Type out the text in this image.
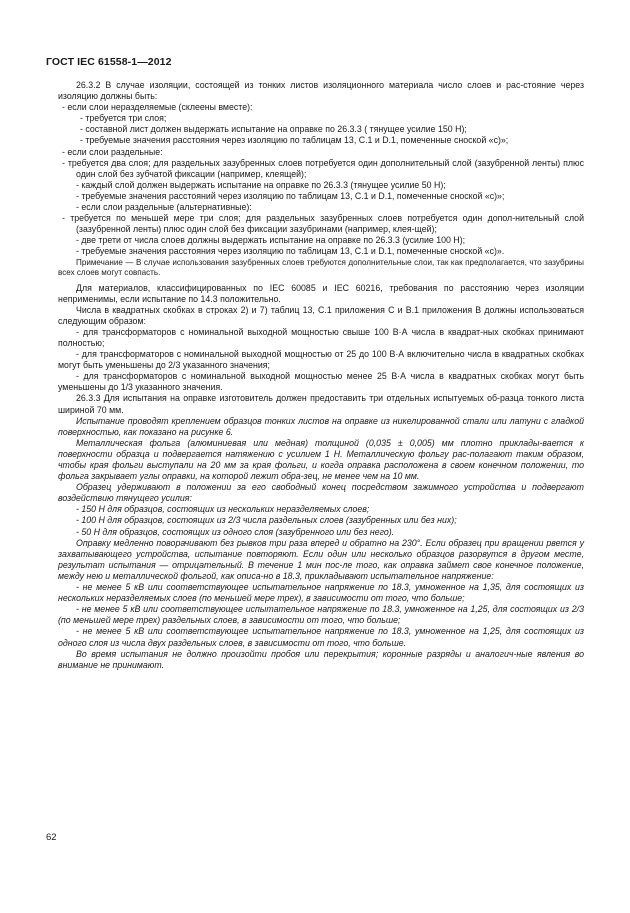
ГОСТ IEC 61558-1—2012

26.3.2 В случае изоляции, состоящей из тонких листов изоляционного материала число слоев и рас-стояние через изоляцию должны быть:

- если слои неразделяемые (склеены вместе):

- требуется три слоя;

- составной лист должен выдержать испытание на оправке по 26.3.3 ( тянущее усилие 150 Н);

- требуемые значения расстояния через изоляцию по таблицам 13, С.1 и D.1, помеченные сноской «c)»;

- если слои раздельные:

- требуется два слоя; для раздельных зазубренных слоев потребуется один дополнительный слой (зазубренной ленты) плюс один слой без зубчатой фиксации (например, клеящей);

- каждый слой должен выдержать испытание на оправке по 26.3.3 (тянущее усилие 50 Н);

- требуемые значения расстояний через изоляцию по таблицам 13, С.1 и D.1, помеченные сноской «c)»;

- если слои раздельные (альтернативные):

- требуется по меньшей мере три слоя; для раздельных зазубренных слоев потребуется один допол-нительный слой (зазубренной ленты) плюс один слой без фиксации зазубринами (например, клея-щей);

- две трети от числа слоев должны выдержать испытание на оправке по 26.3.3 (усилие 100 Н);

- требуемые значения расстояния через изоляцию по таблицам 13, С.1 и D.1, помеченные сноской «c)».

Примечание — В случае использования зазубренных слоев требуются дополнительные слои, так как предполагается, что зазубрины всех слоев могут совпасть.

Для материалов, классифицированных по IEC 60085 и IEC 60216, требования по расстоянию через изоляции неприменимы, если испытание по 14.3 положительно.

Числа в квадратных скобках в строках 2) и 7) таблиц 13, С.1 приложения С и В.1 приложения В должны использоваться следующим образом:

- для трансформаторов с номинальной выходной мощностью свыше 100 В·А числа в квадрат-ных скобках принимают полностью;

- для трансформаторов с номинальной выходной мощностью от 25 до 100 В·А включительно числа в квадратных скобках могут быть уменьшены до 2/3 указанного значения;

- для трансформаторов с номинальной выходной мощностью менее 25 В·А числа в квадратных скобках могут быть уменьшены до 1/3 указанного значения.

26.3.3 Для испытания на оправке изготовитель должен предоставить три отдельных испытуемых об-разца тонкого листа шириной 70 мм.

Испытание проводят креплением образцов тонких листов на оправке из никелированной стали или латуни с гладкой поверхностью, как показано на рисунке 6.

Металлическая фольга (алюминиевая или медная) толщиной (0,035 ± 0,005) мм плотно приклады-вается к поверхности образца и подвергается натяжению с усилием 1 Н. Металлическую фольгу рас-полагают таким образом, чтобы края фольги выступали на 20 мм за края фольги, и когда оправка расположена в своем конечном положении, то фольга закрывает углы оправки, на которой лежит обра-зец, не менее чем на 10 мм.

Образец удерживают в положении за его свободный конец посредством зажимного устройства и подвергают воздействию тянущего усилия:

- 150 Н для образцов, состоящих из нескольких неразделяемых слоев;

- 100 Н для образцов, состоящих из 2/3 числа раздельных слоев (зазубренных или без них);

- 50 Н для образцов, состоящих из одного слоя (зазубренного или без него).

Оправку медленно поворачивают без рывков три раза вперед и обратно на 230°. Если образец при вращении рвется у захватывающего устройства, испытание повторяют. Если один или несколько образцов разорвутся в другом месте, результат испытания — отрицательный. В течение 1 мин пос-ле того, как оправка займет свое конечное положение, между нею и металлической фольгой, как описа-но в 18.3, прикладывают испытательное напряжение:

- не менее 5 кВ или соответствующее испытательное напряжение по 18.3, умноженное на 1,35, для состоящих из нескольких неразделяемых слоев (по меньшей мере трех), в зависимости от того, что больше;

- не менее 5 кВ или соответствующее испытательное напряжение по 18.3, умноженное на 1,25, для состоящих из 2/3 (по меньшей мере трех) раздельных слоев, в зависимости от того, что больше;

- не менее 5 кВ или соответствующее испытательное напряжение по 18.3, умноженное на 1,25, для состоящих из одного слоя из числа двух раздельных слоев, в зависимости от того, что больше.

Во время испытания не должно произойти пробоя или перекрытия; коронные разряды и аналогич-ные явления во внимание не принимают.

62
